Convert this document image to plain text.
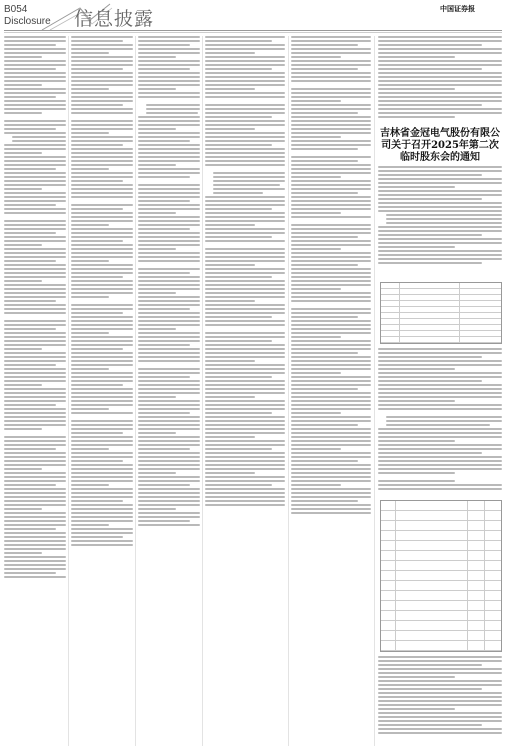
B054
Disclosure 信息披露	中国证券报
吉林省金冠电气股份有限公司关于召开2025年第二次临时股东会的通知
